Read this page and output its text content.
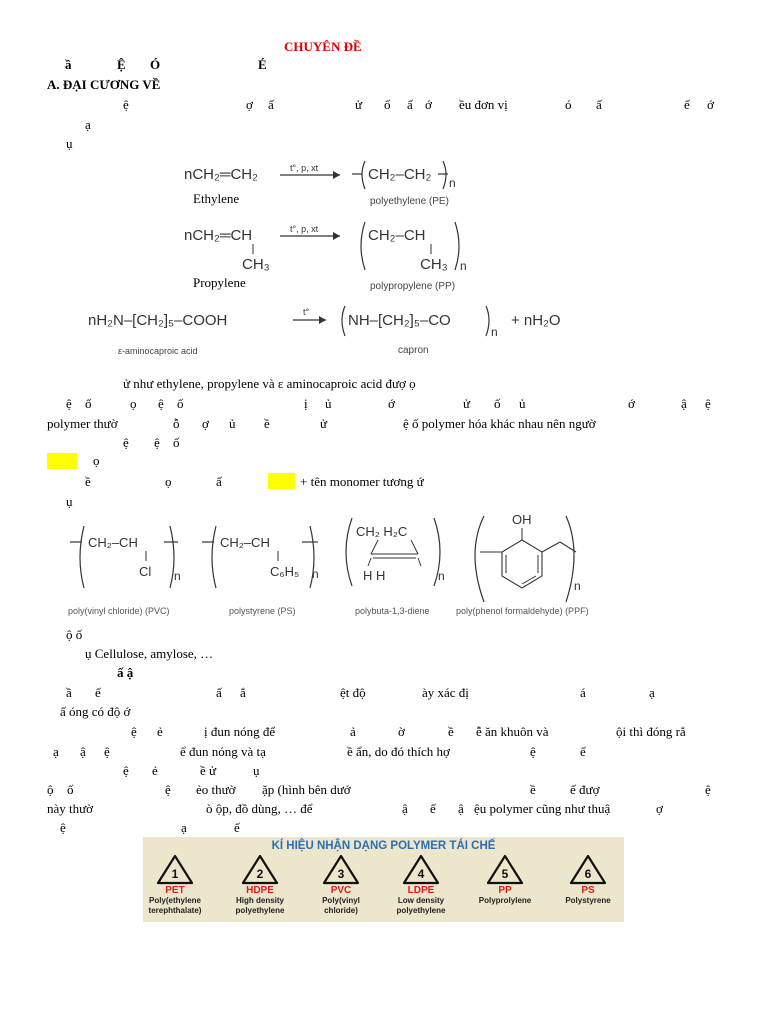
CHUYÊN ĐỀ
ầ	Ệ Ó	É
A. ĐẠI CƯƠNG VỀ
ệ	ợ ấ	ử ố ấ ớ ều đơn vị	ó ấ	ế ớ
ạ
ụ
nCH₂═CH₂	t°, p, xt	CH₂–CH₂ n
Ethylene	polyethylene (PE)
nCH₂═CH
CH₃
t°, p, xt	CH₂–CH
CH₃ n
Propylene	polypropylene (PP)
nH₂N–[CH₂]₅–COOH	t°	NH–[CH₂]₅–CO
n
+ nH₂O
ε-aminocaproic acid	capron
ử như ethylene, propylene và ε aminocaproic acid đượ ọ
ệ ố	ọ ệ ố	ị ủ	ớ	ử ố ủ	ớ	ậ ệ
polymer thườ	ỗ ợ ủ ề	ử	ệ ố polymer hóa khác nhau nên ngườ
ệ ệ ố

ọ
ề	ọ	ấ	+ tên monomer tương ứ
ụ
CH₂–CH
Cl n
CH₂–CH
C₆H₅ n
CH₂ H₂C
H H	n
OH
n
poly(vinyl chloride) (PVC)	polystyrene (PS)	polybuta-1,3-diene	poly(phenol formaldehyde) (PPF)
ộ ố
ụ Cellulose, amylose, …
ấ ậ
ầ ế	ấ ắ	ệt độ	ày xác đị	á	ạ
ấ óng có độ ớ
ệ ẻ	ị đun nóng để	ả	ờ	ề ễ ăn khuôn và	ội thì đóng rắ
ạ ậ ệ	ể đun nóng và tạ	ề ẩn, do đó thích hợ	ệ	ế
ệ ẻ	ề ử	ụ
ộ ố	ệ ẻo thườ ặp (hình bên dướ	ề	ế đượ	ệ
này thườ	ò ộp, đồ dùng, … để	ậ ế ậ ệu polymer cũng như thuậ	ợ
ệ	ạ	ế
KÍ HIỆU NHẬN DẠNG POLYMER TÁI CHẾ
1
PET
Poly(ethylene
terephthalate)
2
HDPE
High density
polyethylene
3
PVC
Poly(vinyl
chloride)
4
LDPE
Low density
polyethylene
5
PP
Polyprolylene
6
PS
Polystyrene
